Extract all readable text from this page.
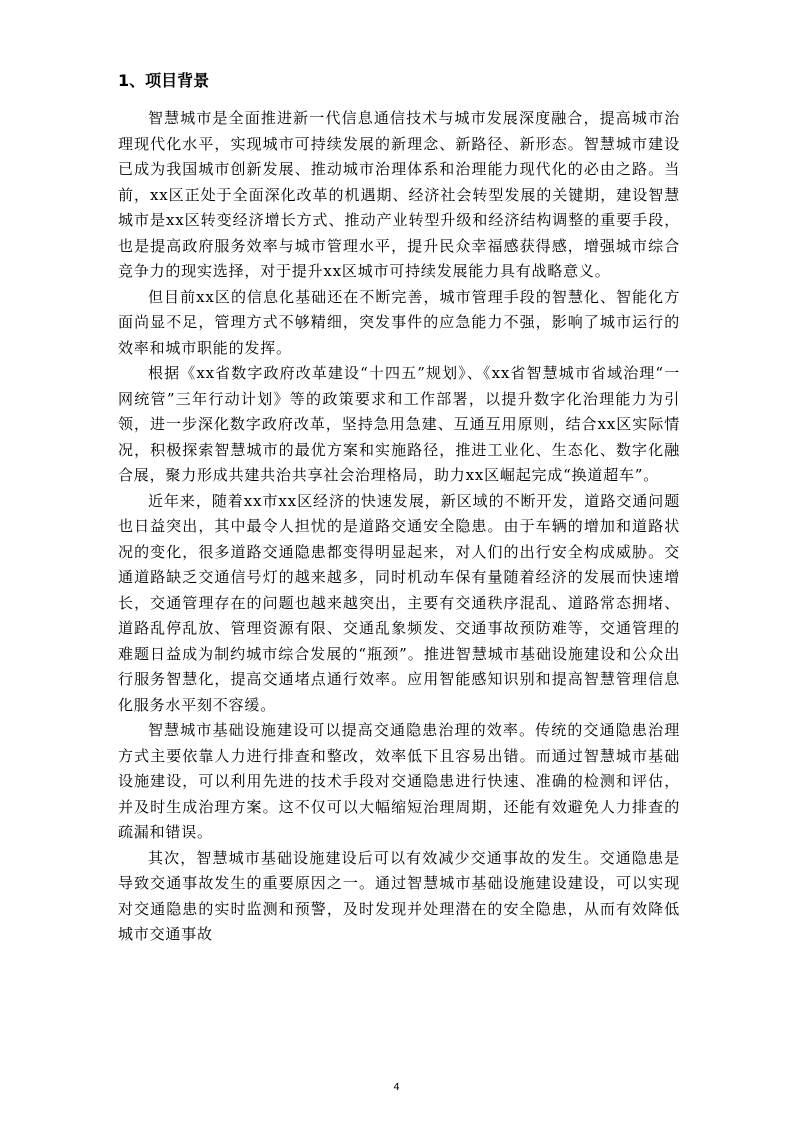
1、项目背景

智慧城市是全面推进新一代信息通信技术与城市发展深度融合，提高城市治理现代化水平，实现城市可持续发展的新理念、新路径、新形态。智慧城市建设已成为我国城市创新发展、推动城市治理体系和治理能力现代化的必由之路。当前，xx区正处于全面深化改革的机遇期、经济社会转型发展的关键期，建设智慧城市是xx区转变经济增长方式、推动产业转型升级和经济结构调整的重要手段，也是提高政府服务效率与城市管理水平，提升民众幸福感获得感，增强城市综合竞争力的现实选择，对于提升xx区城市可持续发展能力具有战略意义。

但目前xx区的信息化基础还在不断完善，城市管理手段的智慧化、智能化方面尚显不足，管理方式不够精细，突发事件的应急能力不强，影响了城市运行的效率和城市职能的发挥。

根据《xx省数字政府改革建设“十四五”规划》、《xx省智慧城市省域治理“一网统管”三年行动计划》等的政策要求和工作部署，以提升数字化治理能力为引领，进一步深化数字政府改革，坚持急用急建、互通互用原则，结合xx区实际情况，积极探索智慧城市的最优方案和实施路径，推进工业化、生态化、数字化融合展，聚力形成共建共治共享社会治理格局，助力xx区崛起完成“换道超车”。

近年来，随着xx市xx区经济的快速发展，新区域的不断开发，道路交通问题也日益突出，其中最令人担忧的是道路交通安全隐患。由于车辆的增加和道路状况的变化，很多道路交通隐患都变得明显起来，对人们的出行安全构成威胁。交通道路缺乏交通信号灯的越来越多，同时机动车保有量随着经济的发展而快速增长，交通管理存在的问题也越来越突出，主要有交通秩序混乱、道路常态拥堵、道路乱停乱放、管理资源有限、交通乱象频发、交通事故预防难等，交通管理的难题日益成为制约城市综合发展的“瓶颈”。推进智慧城市基础设施建设和公众出行服务智慧化，提高交通堵点通行效率。应用智能感知识别和提高智慧管理信息化服务水平刻不容缓。

智慧城市基础设施建设可以提高交通隐患治理的效率。传统的交通隐患治理方式主要依靠人力进行排查和整改，效率低下且容易出错。而通过智慧城市基础设施建设，可以利用先进的技术手段对交通隐患进行快速、准确的检测和评估，并及时生成治理方案。这不仅可以大幅缩短治理周期，还能有效避免人力排查的疏漏和错误。

其次，智慧城市基础设施建设后可以有效减少交通事故的发生。交通隐患是导致交通事故发生的重要原因之一。通过智慧城市基础设施建设建设，可以实现对交通隐患的实时监测和预警，及时发现并处理潜在的安全隐患，从而有效降低城市交通事故

4
